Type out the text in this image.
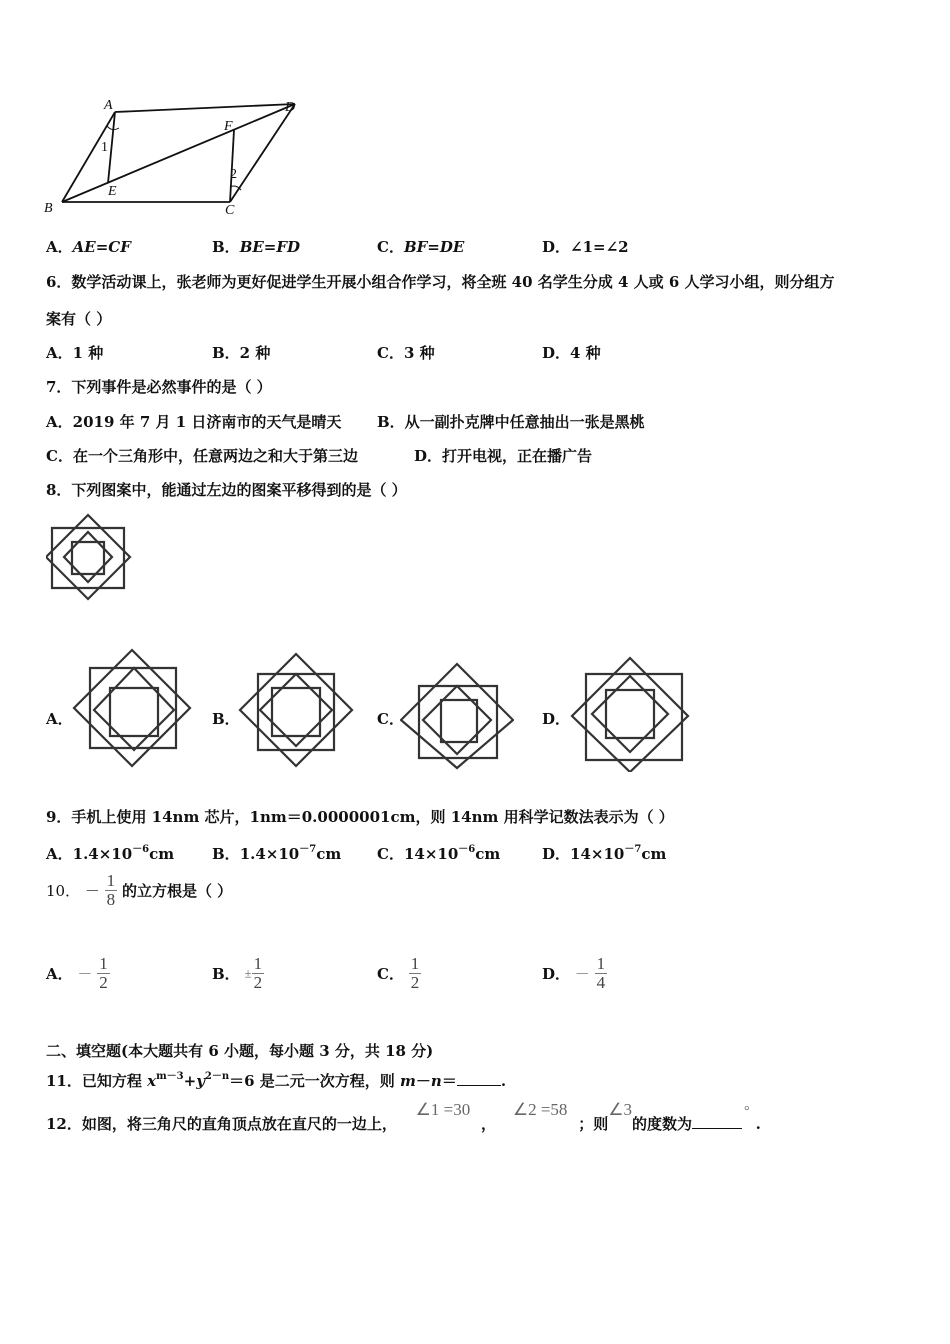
A	D
F
1
2
E
B	C
A．AE=CF	B．BE=FD	C．BF=DE	D．∠1=∠2
6．数学活动课上，张老师为更好促进学生开展小组合作学习，将全班 40 名学生分成 4 人或 6 人学习小组，则分组方
案有（ ）
A．1 种	B．2 种	C．3 种	D．4 种
7．下列事件是必然事件的是（ ）
A．2019 年 7 月 1 日济南市的天气是晴天 B．从一副扑克牌中任意抽出一张是黑桃
C．在一个三角形中，任意两边之和大于第三边	D．打开电视，正在播广告
8．下列图案中，能通过左边的图案平移得到的是（ ）
A．	B．	C．	D．
9．手机上使用 14nm 芯片，1nm＝0.0000001cm，则 14nm 用科学记数法表示为（ ）
A．$1.4\times 10^{-6}cm$	B．$1.4\times 10^{-7}cm$ C．$14\times 10^{-6}cm$	D．$14\times 10^{-7}cm$
10． － $\frac{1}{8}$ 的立方根是（ ）
A． － $\frac{1}{2}$	B． ± $\frac{1}{2}$	C． $\frac{1}{2}$	D． － $\frac{1}{4}$
二、填空题(本大题共有 6 小题，每小题 3 分，共 18 分)
11．已知方程 $x^{m-3}+y^{2-n}=6$ 是二元一次方程，则 m－n＝	.
12．如图，将三角尺的直角顶点放在直尺的一边上， ∠1 =30 ， ∠2 =58 ；则∠3的度数为°.
